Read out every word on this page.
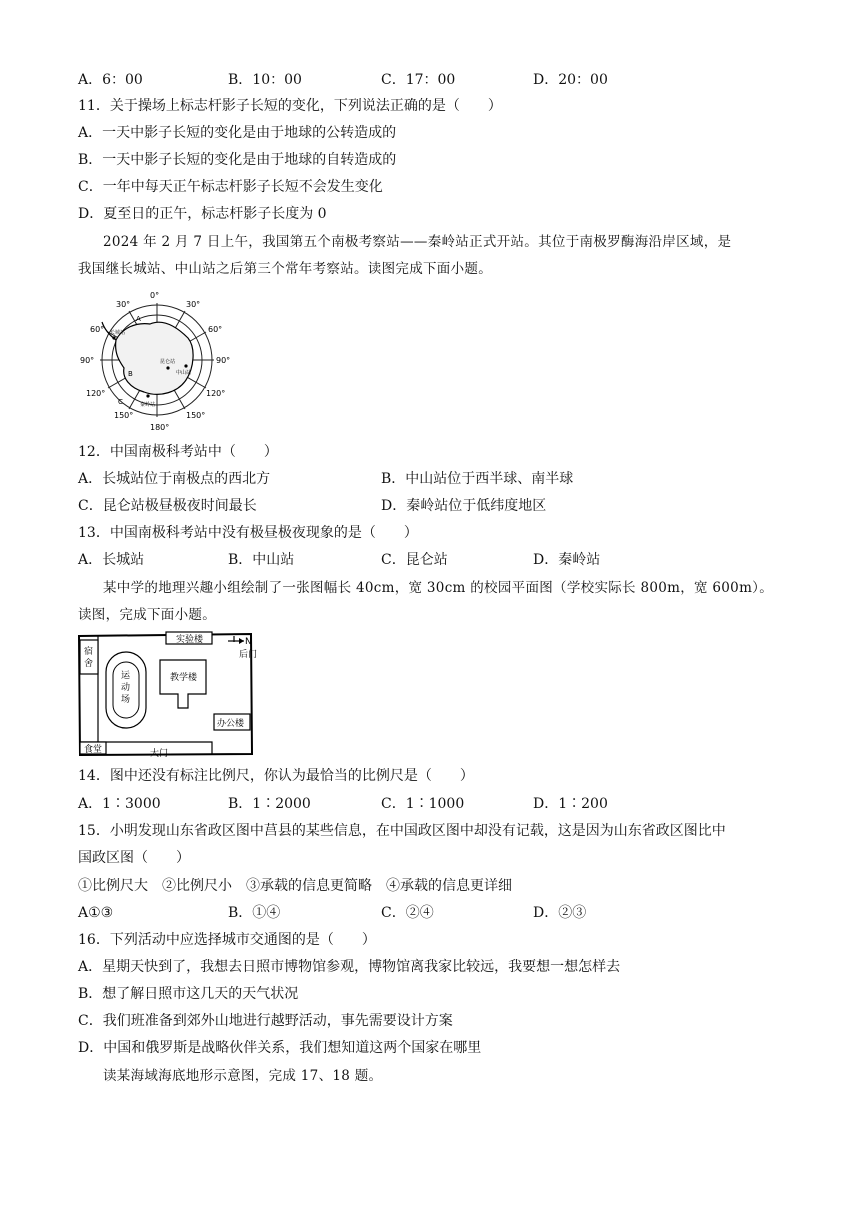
A．6：00	B．10：00	C．17：00	D．20：00
11．关于操场上标志杆影子长短的变化，下列说法正确的是（　　）
A．一天中影子长短的变化是由于地球的公转造成的
B．一天中影子长短的变化是由于地球的自转造成的
C．一年中每天正午标志杆影子长短不会发生变化
D．夏至日的正午，标志杆影子长度为 0
2024 年 2 月 7 日上午，我国第五个南极考察站——秦岭站正式开站。其位于南极罗酶海沿岸区域，是
我国继长城站、中山站之后第三个常年考察站。读图完成下面小题。
0°
30°	30°
60°	60°
90°	90°
120°	120°
150°	150°
180°
A
B
C
长城站
中山站
昆仑站
秦岭站
12．中国南极科考站中（　　）
A．长城站位于南极点的西北方	B．中山站位于西半球、南半球
C．昆仑站极昼极夜时间最长	D．秦岭站位于低纬度地区
13．中国南极科考站中没有极昼极夜现象的是（　　）
A．长城站	B．中山站	C．昆仑站	D．秦岭站
某中学的地理兴趣小组绘制了一张图幅长 40cm，宽 30cm 的校园平面图（学校实际长 800m，宽 600m）。
读图，完成下面小题。
实验楼	N
后门
宿
舍
运
动
场
教学楼
办公楼
食堂	大门
14．图中还没有标注比例尺，你认为最恰当的比例尺是（　　）
A．1∶3000	B．1∶2000	C．1∶1000	D．1∶200
15．小明发现山东省政区图中莒县的某些信息，在中国政区图中却没有记载，这是因为山东省政区图比中
国政区图（　　）
①比例尺大　②比例尺小　③承载的信息更简略　④承载的信息更详细
A①③	B．①④	C．②④	D．②③
16．下列活动中应选择城市交通图的是（　　）
A．星期天快到了，我想去日照市博物馆参观，博物馆离我家比较远，我要想一想怎样去
B．想了解日照市这几天的天气状况
C．我们班准备到郊外山地进行越野活动，事先需要设计方案
D．中国和俄罗斯是战略伙伴关系，我们想知道这两个国家在哪里
读某海域海底地形示意图，完成 17、18 题。
